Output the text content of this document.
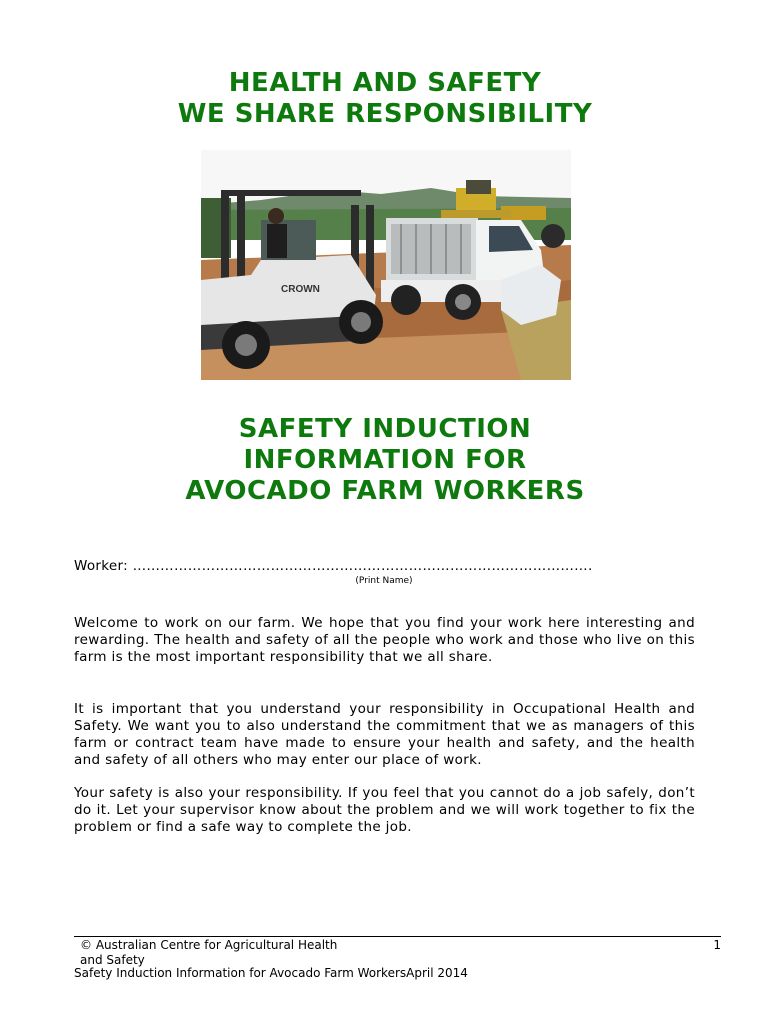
HEALTH AND SAFETY
WE SHARE RESPONSIBILITY
CROWN
SAFETY INDUCTION
INFORMATION FOR
AVOCADO FARM WORKERS
Worker: ……………………………………………………………………………………….
(Print Name)

Welcome to work on our farm. We hope that you find your work here interesting and rewarding. The health and safety of all the people who work and those who live on this farm is the most important responsibility that we all share.

It is important that you understand your responsibility in Occupational Health and Safety. We want you to also understand the commitment that we as managers of this farm or contract team have made to ensure your health and safety, and the health and safety of all others who may enter our place of work.

Your safety is also your responsibility. If you feel that you cannot do a job safely, don’t do it. Let your supervisor know about the problem and we will work together to fix the problem or find a safe way to complete the job.

© Australian Centre for Agricultural Health
and Safety
1
Safety Induction Information for Avocado Farm WorkersApril 2014
